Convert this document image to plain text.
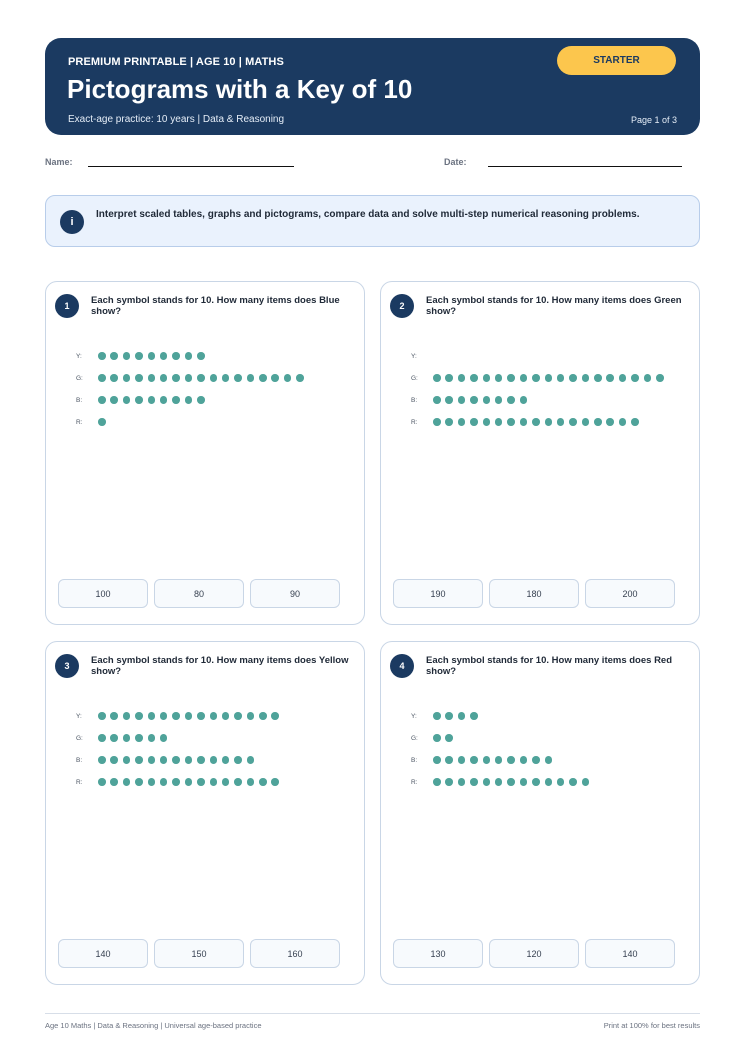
PREMIUM PRINTABLE | AGE 10 | MATHS
Pictograms with a Key of 10
Exact-age practice: 10 years | Data & Reasoning	Page 1 of 3
STARTER
Name:	Date:
i
Interpret scaled tables, graphs and pictograms, compare data and solve multi-step numerical reasoning problems.
1	Each symbol stands for 10. How many items does Blue show?
Y:
G:
B:
R:
100	80	90
2	Each symbol stands for 10. How many items does Green show?
Y:
G:
B:
R:
190	180	200
3	Each symbol stands for 10. How many items does Yellow show?
Y:
G:
B:
R:
140	150	160
4	Each symbol stands for 10. How many items does Red show?
Y:
G:
B:
R:
130	120	140
Age 10 Maths | Data & Reasoning | Universal age-based practice	Print at 100% for best results
